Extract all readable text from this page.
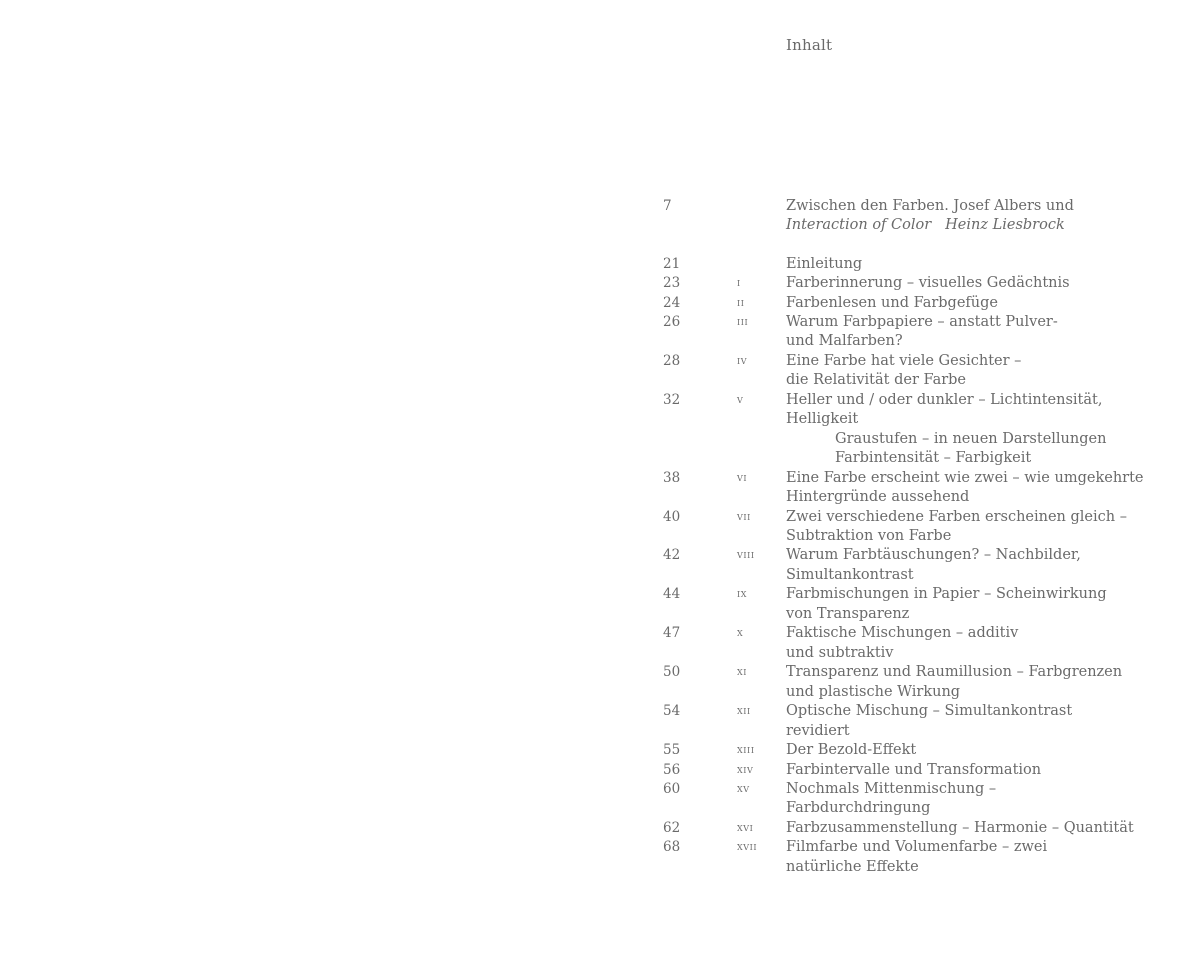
Inhalt
7	Zwischen den Farben. Josef Albers und
Interaction of Color Heinz Liesbrock
21	Einleitung
23	i	Farberinnerung – visuelles Gedächtnis
24	ii	Farbenlesen und Farbgefüge
26	iii	Warum Farbpapiere – anstatt Pulver-
und Malfarben?
28	iv	Eine Farbe hat viele Gesichter –
die Relativität der Farbe
32	v	Heller und / oder dunkler – Lichtintensität,
Helligkeit
Graustufen – in neuen Darstellungen
Farbintensität – Farbigkeit
38	vi	Eine Farbe erscheint wie zwei – wie umgekehrte
Hintergründe aussehend
40	vii Zwei verschiedene Farben erscheinen gleich –
Subtraktion von Farbe
42	viii Warum Farbtäuschungen? – Nachbilder,
Simultankontrast
44	ix	Farbmischungen in Papier – Scheinwirkung
von Transparenz
47	x	Faktische Mischungen – additiv
und subtraktiv
50	xi	Transparenz und Raumillusion – Farbgrenzen
und plastische Wirkung
54	xii Optische Mischung – Simultankontrast
revidiert
55	xiii Der Bezold-Effekt
56	xiv Farbintervalle und Transformation
60	xv	Nochmals Mittenmischung –
Farbdurchdringung
62	xvi Farbzusammenstellung – Harmonie – Quantität
68	xvii Filmfarbe und Volumenfarbe – zwei
natürliche Effekte
